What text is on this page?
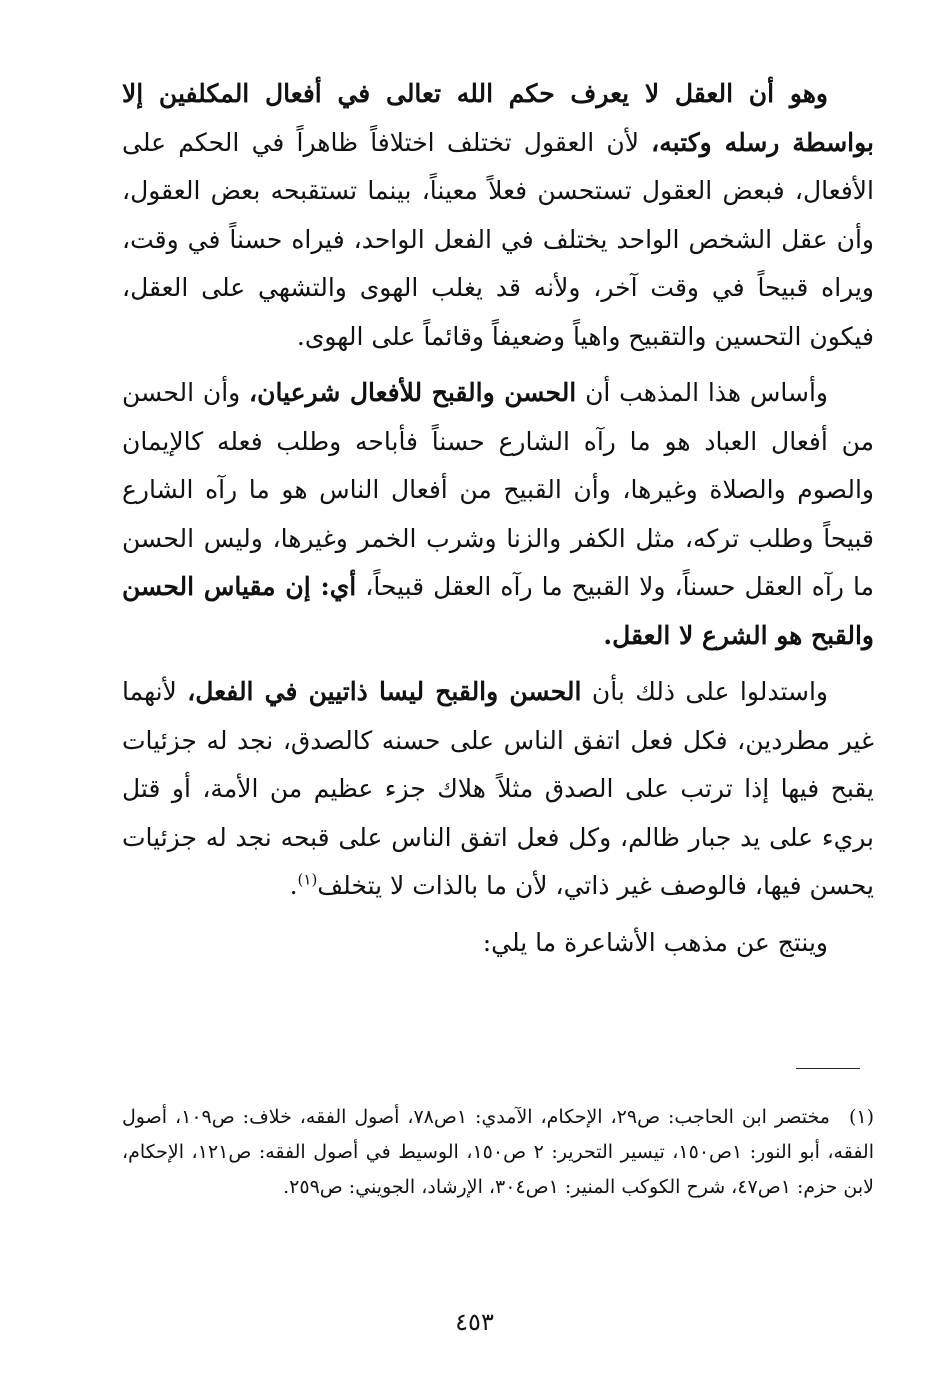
وهو أن العقل لا يعرف حكم الله تعالى في أفعال المكلفين إلا بواسطة رسله وكتبه، لأن العقول تختلف اختلافاً ظاهراً في الحكم على الأفعال، فبعض العقول تستحسن فعلاً معيناً، بينما تستقبحه بعض العقول، وأن عقل الشخص الواحد يختلف في الفعل الواحد، فيراه حسناً في وقت، ويراه قبيحاً في وقت آخر، ولأنه قد يغلب الهوى والتشهي على العقل، فيكون التحسين والتقبيح واهياً وضعيفاً وقائماً على الهوى.

وأساس هذا المذهب أن الحسن والقبح للأفعال شرعيان، وأن الحسن من أفعال العباد هو ما رآه الشارع حسناً فأباحه وطلب فعله كالإيمان والصوم والصلاة وغيرها، وأن القبيح من أفعال الناس هو ما رآه الشارع قبيحاً وطلب تركه، مثل الكفر والزنا وشرب الخمر وغيرها، وليس الحسن ما رآه العقل حسناً، ولا القبيح ما رآه العقل قبيحاً، أي: إن مقياس الحسن والقبح هو الشرع لا العقل.

واستدلوا على ذلك بأن الحسن والقبح ليسا ذاتيين في الفعل، لأنهما غير مطردين، فكل فعل اتفق الناس على حسنه كالصدق، نجد له جزئيات يقبح فيها إذا ترتب على الصدق مثلاً هلاك جزء عظيم من الأمة، أو قتل بريء على يد جبار ظالم، وكل فعل اتفق الناس على قبحه نجد له جزئيات يحسن فيها، فالوصف غير ذاتي، لأن ما بالذات لا يتخلف$^{(١)}$.

وينتج عن مذهب الأشاعرة ما يلي:

(١)مختصر ابن الحاجب: ص٢٩، الإحكام، الآمدي: ١ص٧٨، أصول الفقه، خلاف: ص١٠٩، أصول الفقه، أبو النور: ١ص١٥٠، تيسير التحرير: ٢ ص١٥٠، الوسيط في أصول الفقه: ص١٢١، الإحكام، لابن حزم: ١ص٤٧، شرح الكوكب المنير: ١ص٣٠٤، الإرشاد، الجويني: ص٢٥٩.
٤٥٣
